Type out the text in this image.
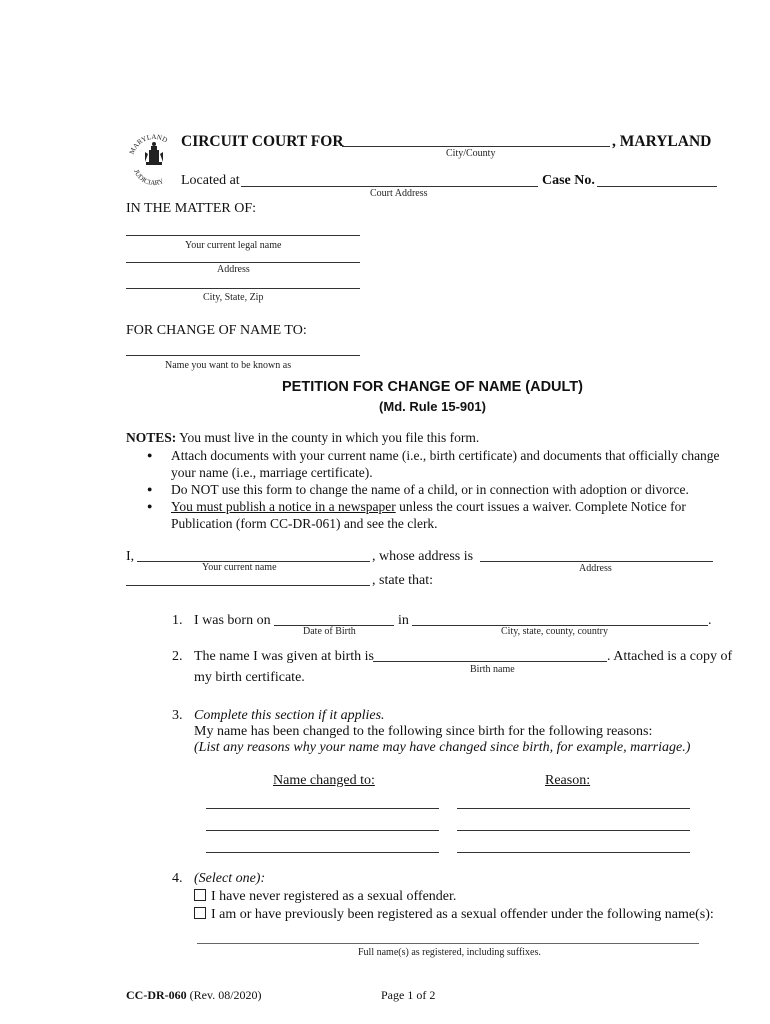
MARYLAND
JUDICIARY
CIRCUIT COURT FOR	, MARYLAND
City/County
Located at	Case No.
Court Address
IN THE MATTER OF:
Your current legal name
Address
City, State, Zip
FOR CHANGE OF NAME TO:
Name you want to be known as
PETITION FOR CHANGE OF NAME (ADULT)
(Md. Rule 15-901)
NOTES: You must live in the county in which you file this form.
● Attach documents with your current name (i.e., birth certificate) and documents that officially change
your name (i.e., marriage certificate).
● Do NOT use this form to change the name of a child, or in connection with adoption or divorce.
● You must publish a notice in a newspaper unless the court issues a waiver. Complete Notice for
Publication (form CC-DR-061) and see the clerk.
I,	, whose address is
Your current name	Address
, state that:
1. I was born on	in	.
Date of Birth	City, state, county, country
2. The name I was given at birth is	. Attached is a copy of
Birth name
my birth certificate.
3. Complete this section if it applies.
My name has been changed to the following since birth for the following reasons:
(List any reasons why your name may have changed since birth, for example, marriage.)
Name changed to:	Reason:
4. (Select one):
I have never registered as a sexual offender.
I am or have previously been registered as a sexual offender under the following name(s):
Full name(s) as registered, including suffixes.
CC-DR-060 (Rev. 08/2020)	Page 1 of 2
